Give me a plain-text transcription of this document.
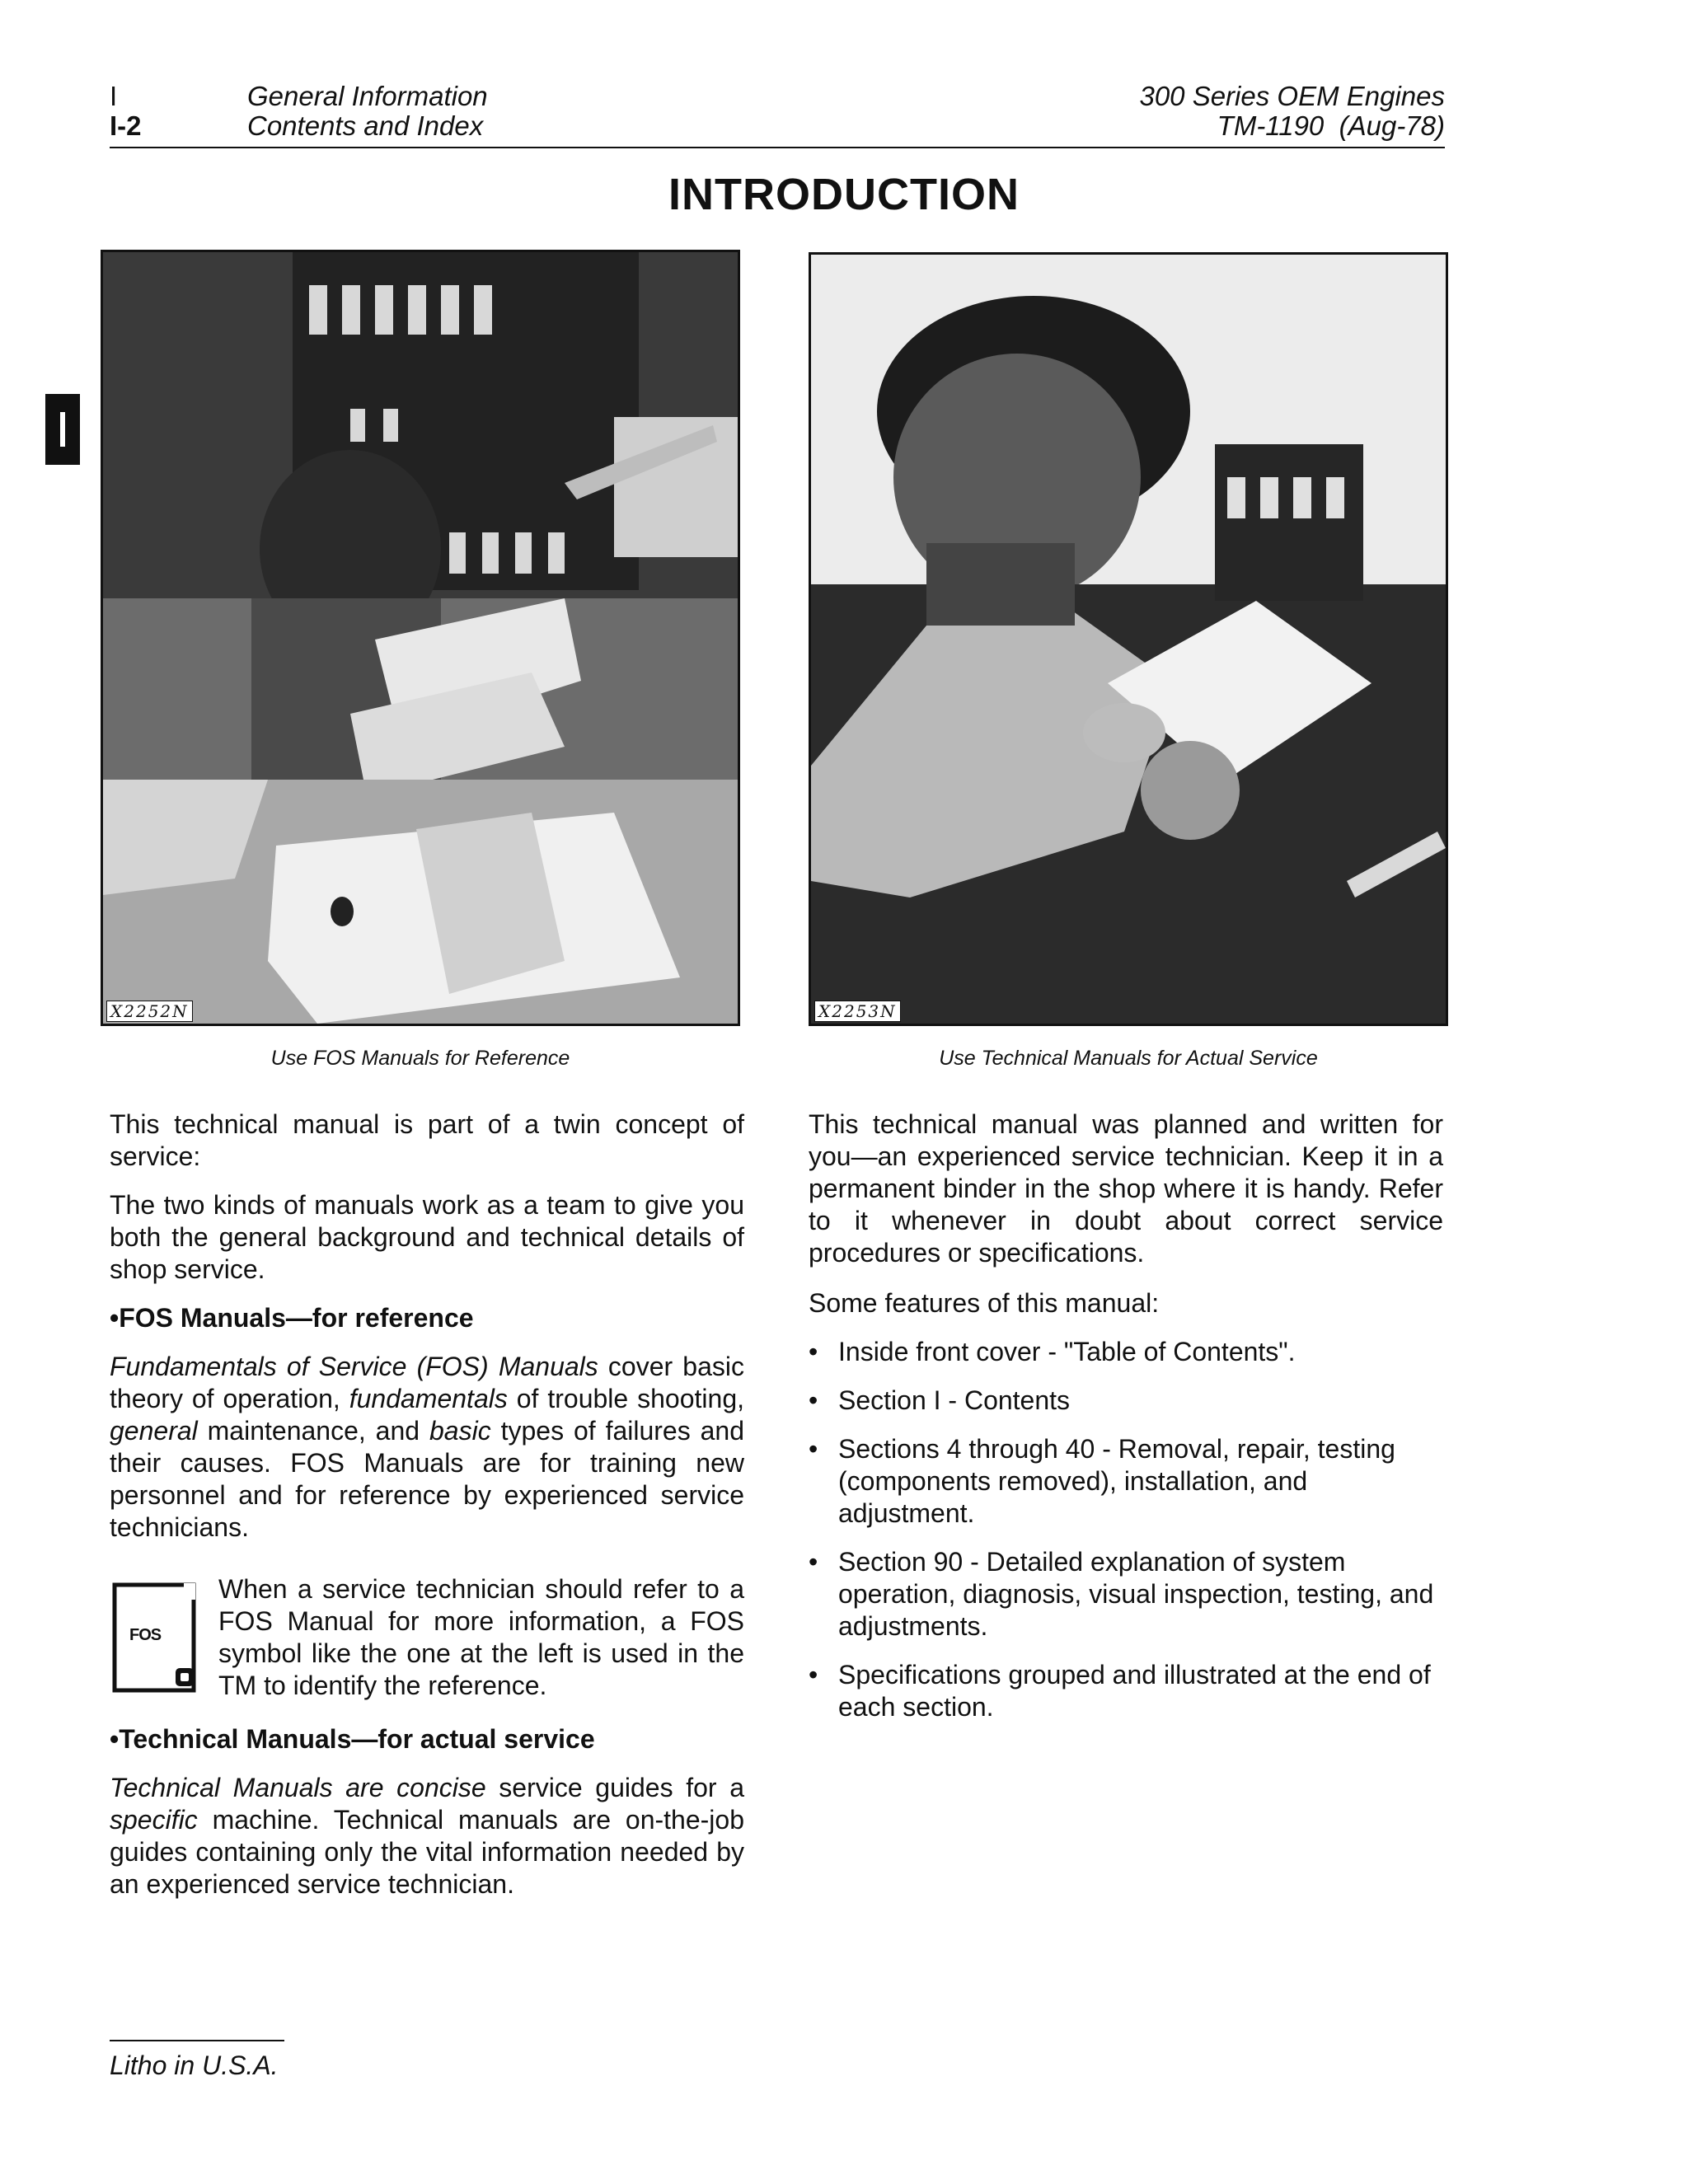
I
I-2
General Information
Contents and Index
300 Series OEM Engines
TM-1190  (Aug-78)
INTRODUCTION
X2252N
Use FOS Manuals for Reference
X2253N
Use Technical Manuals for Actual Service

This technical manual is part of a twin concept of service:

The two kinds of manuals work as a team to give you both the general background and technical details of shop service.

•FOS Manuals—for reference

Fundamentals of Service (FOS) Manuals cover basic theory of operation, fundamentals of trouble shooting, general maintenance, and basic types of failures and their causes. FOS Manuals are for training new personnel and for reference by experienced service technicians.

FOS

When a service technician should refer to a FOS Manual for more information, a FOS symbol like the one at the left is used in the TM to identify the reference.

•Technical Manuals—for actual service

Technical Manuals are concise service guides for a specific machine. Technical manuals are on-the-job guides containing only the vital information needed by an experienced service technician.

This technical manual was planned and written for you—an experienced service technician. Keep it in a permanent binder in the shop where it is handy. Refer to it whenever in doubt about correct service procedures or specifications.

Some features of this manual:

• Inside front cover - "Table of Contents".
• Section I - Contents
• Sections 4 through 40 - Removal, repair, testing (components removed), installation, and adjustment.
• Section 90 - Detailed explanation of system operation, diagnosis, visual inspection, testing, and adjustments.
• Specifications grouped and illustrated at the end of each section.
Litho in U.S.A.
